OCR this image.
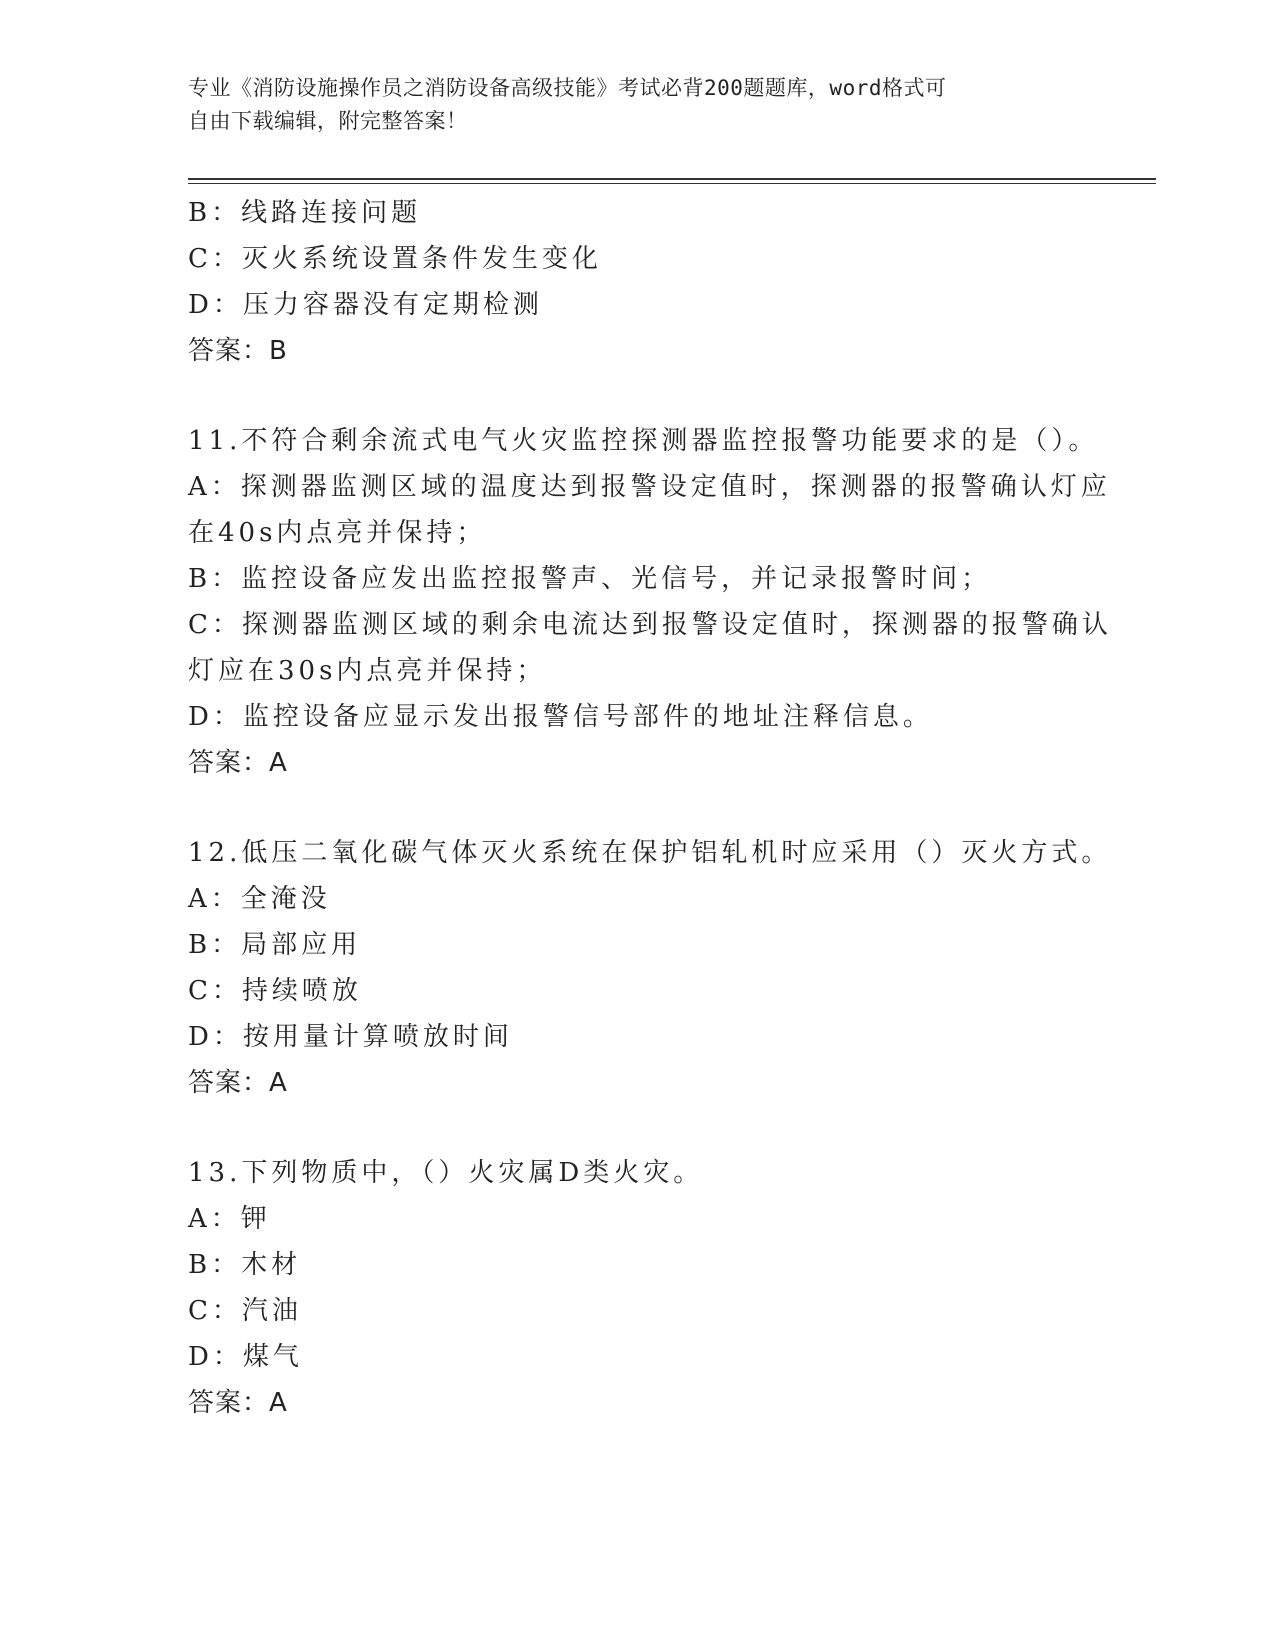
专业《消防设施操作员之消防设备高级技能》考试必背200题题库，word格式可
自由下载编辑，附完整答案！
B：线路连接问题
C：灭火系统设置条件发生变化
D：压力容器没有定期检测
答案：B
11.不符合剩余流式电气火灾监控探测器监控报警功能要求的是（）。
A：探测器监测区域的温度达到报警设定值时，探测器的报警确认灯应
在40s内点亮并保持；
B：监控设备应发出监控报警声、光信号，并记录报警时间；
C：探测器监测区域的剩余电流达到报警设定值时，探测器的报警确认
灯应在30s内点亮并保持；
D：监控设备应显示发出报警信号部件的地址注释信息。
答案：A
12.低压二氧化碳气体灭火系统在保护铝轧机时应采用（）灭火方式。
A：全淹没
B：局部应用
C：持续喷放
D：按用量计算喷放时间
答案：A
13.下列物质中，（）火灾属D类火灾。
A：钾
B：木材
C：汽油
D：煤气
答案：A
